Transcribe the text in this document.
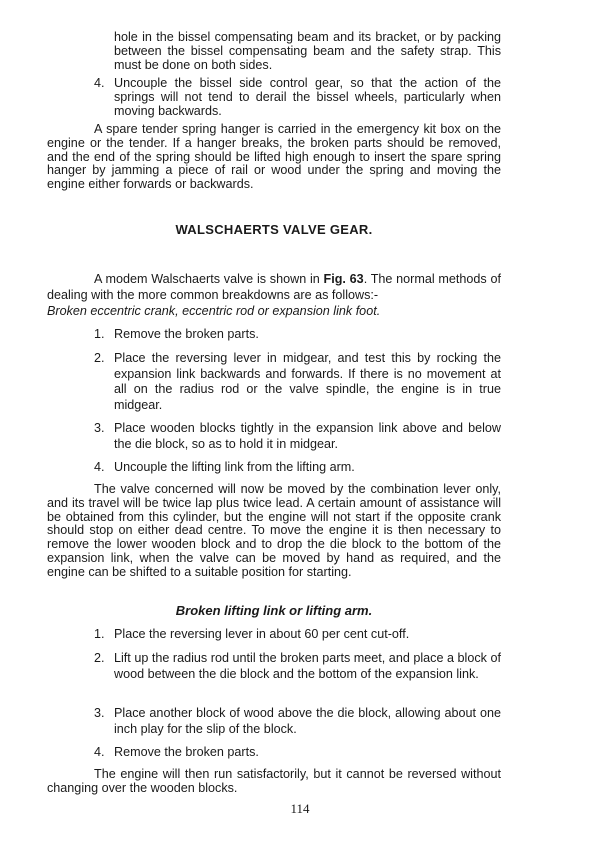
hole in the bissel compensating beam and its bracket, or by packing between the bissel compensating beam and the safety strap. This must be done on both sides.

4. Uncouple the bissel side control gear, so that the action of the springs will not tend to derail the bissel wheels, particularly when moving backwards.

A spare tender spring hanger is carried in the emergency kit box on the engine or the tender. If a hanger breaks, the broken parts should be removed, and the end of the spring should be lifted high enough to insert the spare spring hanger by jamming a piece of rail or wood under the spring and moving the engine either forwards or backwards.

WALSCHAERTS VALVE GEAR.

A modem Walschaerts valve is shown in Fig. 63. The normal methods of dealing with the more common breakdowns are as follows:-

Broken eccentric crank, eccentric rod or expansion link foot.

1. Remove the broken parts.
2. Place the reversing lever in midgear, and test this by rocking the expansion link backwards and forwards. If there is no movement at all on the radius rod or the valve spindle, the engine is in true midgear.
3. Place wooden blocks tightly in the expansion link above and below the die block, so as to hold it in midgear.
4. Uncouple the lifting link from the lifting arm.

The valve concerned will now be moved by the combination lever only, and its travel will be twice lap plus twice lead. A certain amount of assistance will be obtained from this cylinder, but the engine will not start if the opposite crank should stop on either dead centre. To move the engine it is then necessary to remove the lower wooden block and to drop the die block to the bottom of the expansion link, when the valve can be moved by hand as required, and the engine can be shifted to a suitable position for starting.

Broken lifting link or lifting arm.
1. Place the reversing lever in about 60 per cent cut-off.
2. Lift up the radius rod until the broken parts meet, and place a block of wood between the die block and the bottom of the expansion link.
3. Place another block of wood above the die block, allowing about one inch play for the slip of the block.
4. Remove the broken parts.

The engine will then run satisfactorily, but it cannot be reversed without changing over the wooden blocks.

114
